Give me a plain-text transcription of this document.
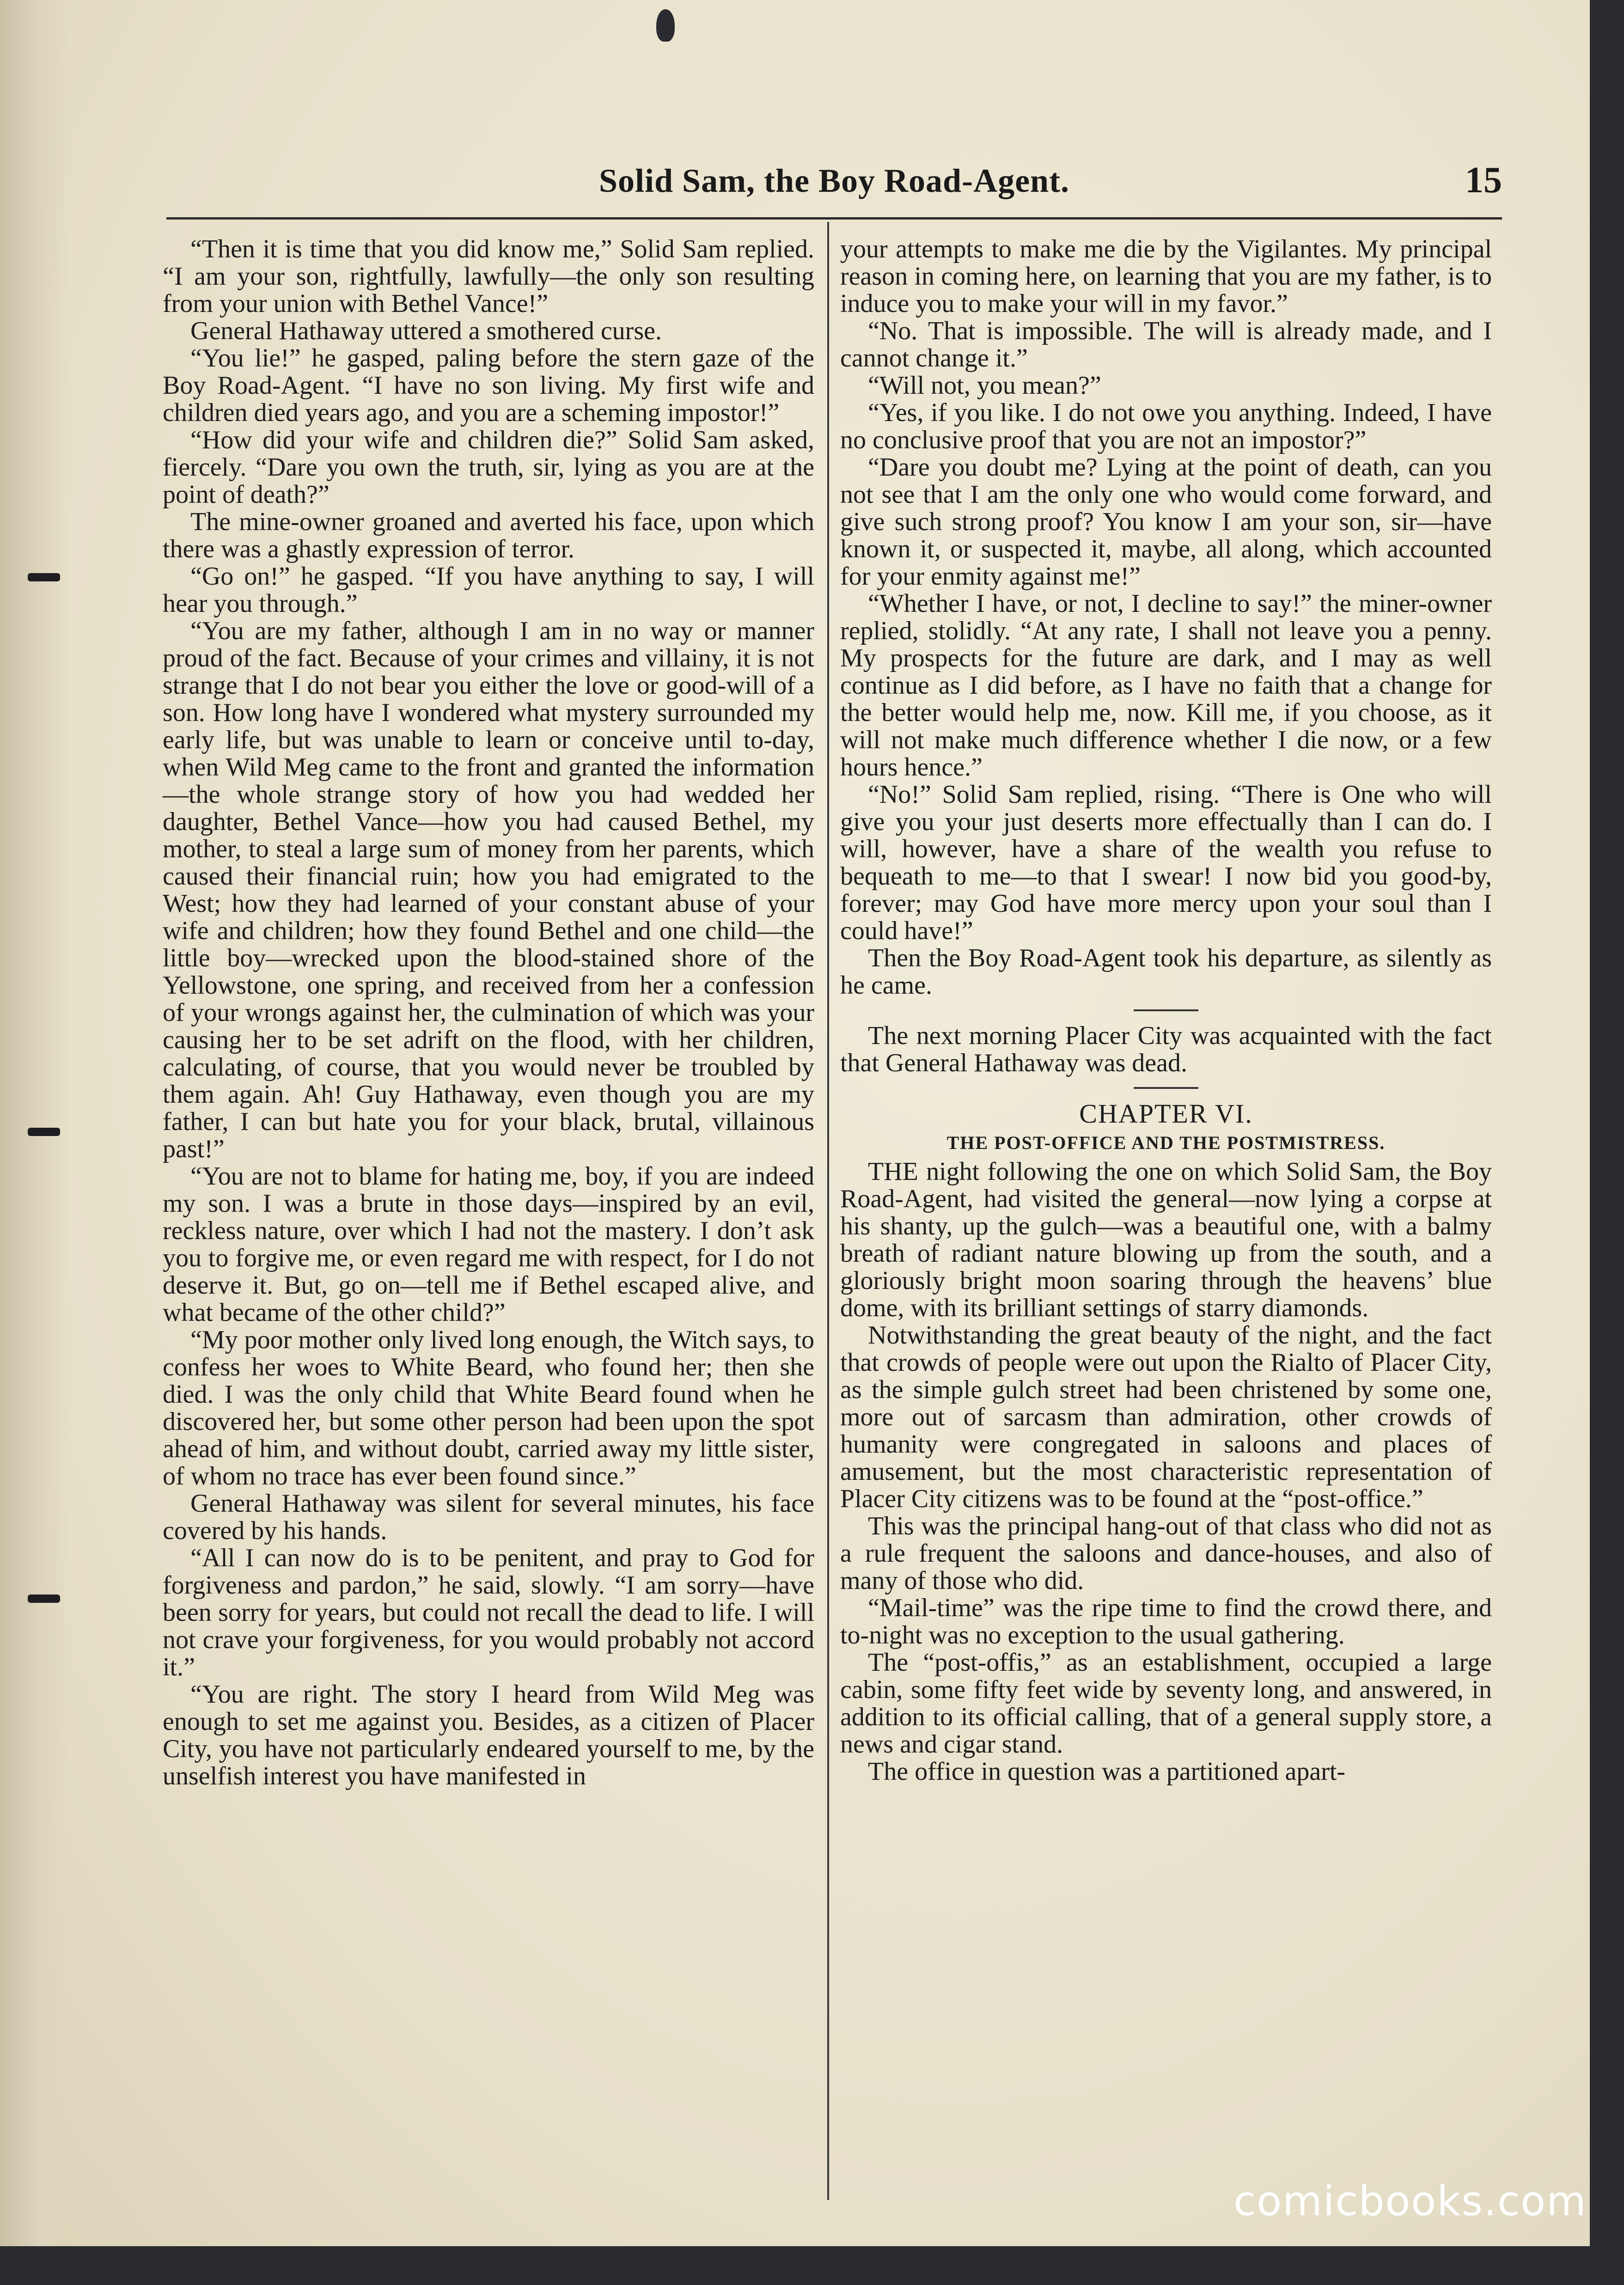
Solid Sam, the Boy Road-Agent.	15

“Then it is time that you did know me,” Solid Sam replied. “I am your son, rightfully, lawfully—the only son resulting from your union with Bethel Vance!”

General Hathaway uttered a smothered curse.

“You lie!” he gasped, paling before the stern gaze of the Boy Road-Agent. “I have no son living. My first wife and children died years ago, and you are a scheming impostor!”

“How did your wife and children die?” Solid Sam asked, fiercely. “Dare you own the truth, sir, lying as you are at the point of death?”

The mine-owner groaned and averted his face, upon which there was a ghastly expression of terror.

“Go on!” he gasped. “If you have anything to say, I will hear you through.”

“You are my father, although I am in no way or manner proud of the fact. Because of your crimes and villainy, it is not strange that I do not bear you either the love or good-will of a son. How long have I wondered what mystery surrounded my early life, but was unable to learn or conceive until to-day, when Wild Meg came to the front and granted the information—the whole strange story of how you had wedded her daughter, Bethel Vance—how you had caused Bethel, my mother, to steal a large sum of money from her parents, which caused their financial ruin; how you had emigrated to the West; how they had learned of your constant abuse of your wife and children; how they found Bethel and one child—the little boy—wrecked upon the blood-stained shore of the Yellowstone, one spring, and received from her a confession of your wrongs against her, the culmination of which was your causing her to be set adrift on the flood, with her children, calculating, of course, that you would never be troubled by them again. Ah! Guy Hathaway, even though you are my father, I can but hate you for your black, brutal, villainous past!”

“You are not to blame for hating me, boy, if you are indeed my son. I was a brute in those days—inspired by an evil, reckless nature, over which I had not the mastery. I don’t ask you to forgive me, or even regard me with respect, for I do not deserve it. But, go on—tell me if Bethel escaped alive, and what became of the other child?”

“My poor mother only lived long enough, the Witch says, to confess her woes to White Beard, who found her; then she died. I was the only child that White Beard found when he discovered her, but some other person had been upon the spot ahead of him, and without doubt, carried away my little sister, of whom no trace has ever been found since.”

General Hathaway was silent for several minutes, his face covered by his hands.

“All I can now do is to be penitent, and pray to God for forgiveness and pardon,” he said, slowly. “I am sorry—have been sorry for years, but could not recall the dead to life. I will not crave your forgiveness, for you would probably not accord it.”

“You are right. The story I heard from Wild Meg was enough to set me against you. Besides, as a citizen of Placer City, you have not particularly endeared yourself to me, by the unselfish interest you have manifested in

your attempts to make me die by the Vigilantes. My principal reason in coming here, on learning that you are my father, is to induce you to make your will in my favor.”

“No. That is impossible. The will is already made, and I cannot change it.”

“Will not, you mean?”

“Yes, if you like. I do not owe you anything. Indeed, I have no conclusive proof that you are not an impostor?”

“Dare you doubt me? Lying at the point of death, can you not see that I am the only one who would come forward, and give such strong proof? You know I am your son, sir—have known it, or suspected it, maybe, all along, which accounted for your enmity against me!”

“Whether I have, or not, I decline to say!” the miner-owner replied, stolidly. “At any rate, I shall not leave you a penny. My prospects for the future are dark, and I may as well continue as I did before, as I have no faith that a change for the better would help me, now. Kill me, if you choose, as it will not make much difference whether I die now, or a few hours hence.”

“No!” Solid Sam replied, rising. “There is One who will give you your just deserts more effectually than I can do. I will, however, have a share of the wealth you refuse to bequeath to me—to that I swear! I now bid you good-by, forever; may God have more mercy upon your soul than I could have!”

Then the Boy Road-Agent took his departure, as silently as he came.

The next morning Placer City was acquainted with the fact that General Hathaway was dead.

CHAPTER VI.
THE POST-OFFICE AND THE POSTMISTRESS.

THE night following the one on which Solid Sam, the Boy Road-Agent, had visited the general—now lying a corpse at his shanty, up the gulch—was a beautiful one, with a balmy breath of radiant nature blowing up from the south, and a gloriously bright moon soaring through the heavens’ blue dome, with its brilliant settings of starry diamonds.

Notwithstanding the great beauty of the night, and the fact that crowds of people were out upon the Rialto of Placer City, as the simple gulch street had been christened by some one, more out of sarcasm than admiration, other crowds of humanity were congregated in saloons and places of amusement, but the most characteristic representation of Placer City citizens was to be found at the “post-office.”

This was the principal hang-out of that class who did not as a rule frequent the saloons and dance-houses, and also of many of those who did.

“Mail-time” was the ripe time to find the crowd there, and to-night was no exception to the usual gathering.

The “post-offis,” as an establishment, occupied a large cabin, some fifty feet wide by seventy long, and answered, in addition to its official calling, that of a general supply store, a news and cigar stand.

The office in question was a partitioned apart-

comicbooks.com
